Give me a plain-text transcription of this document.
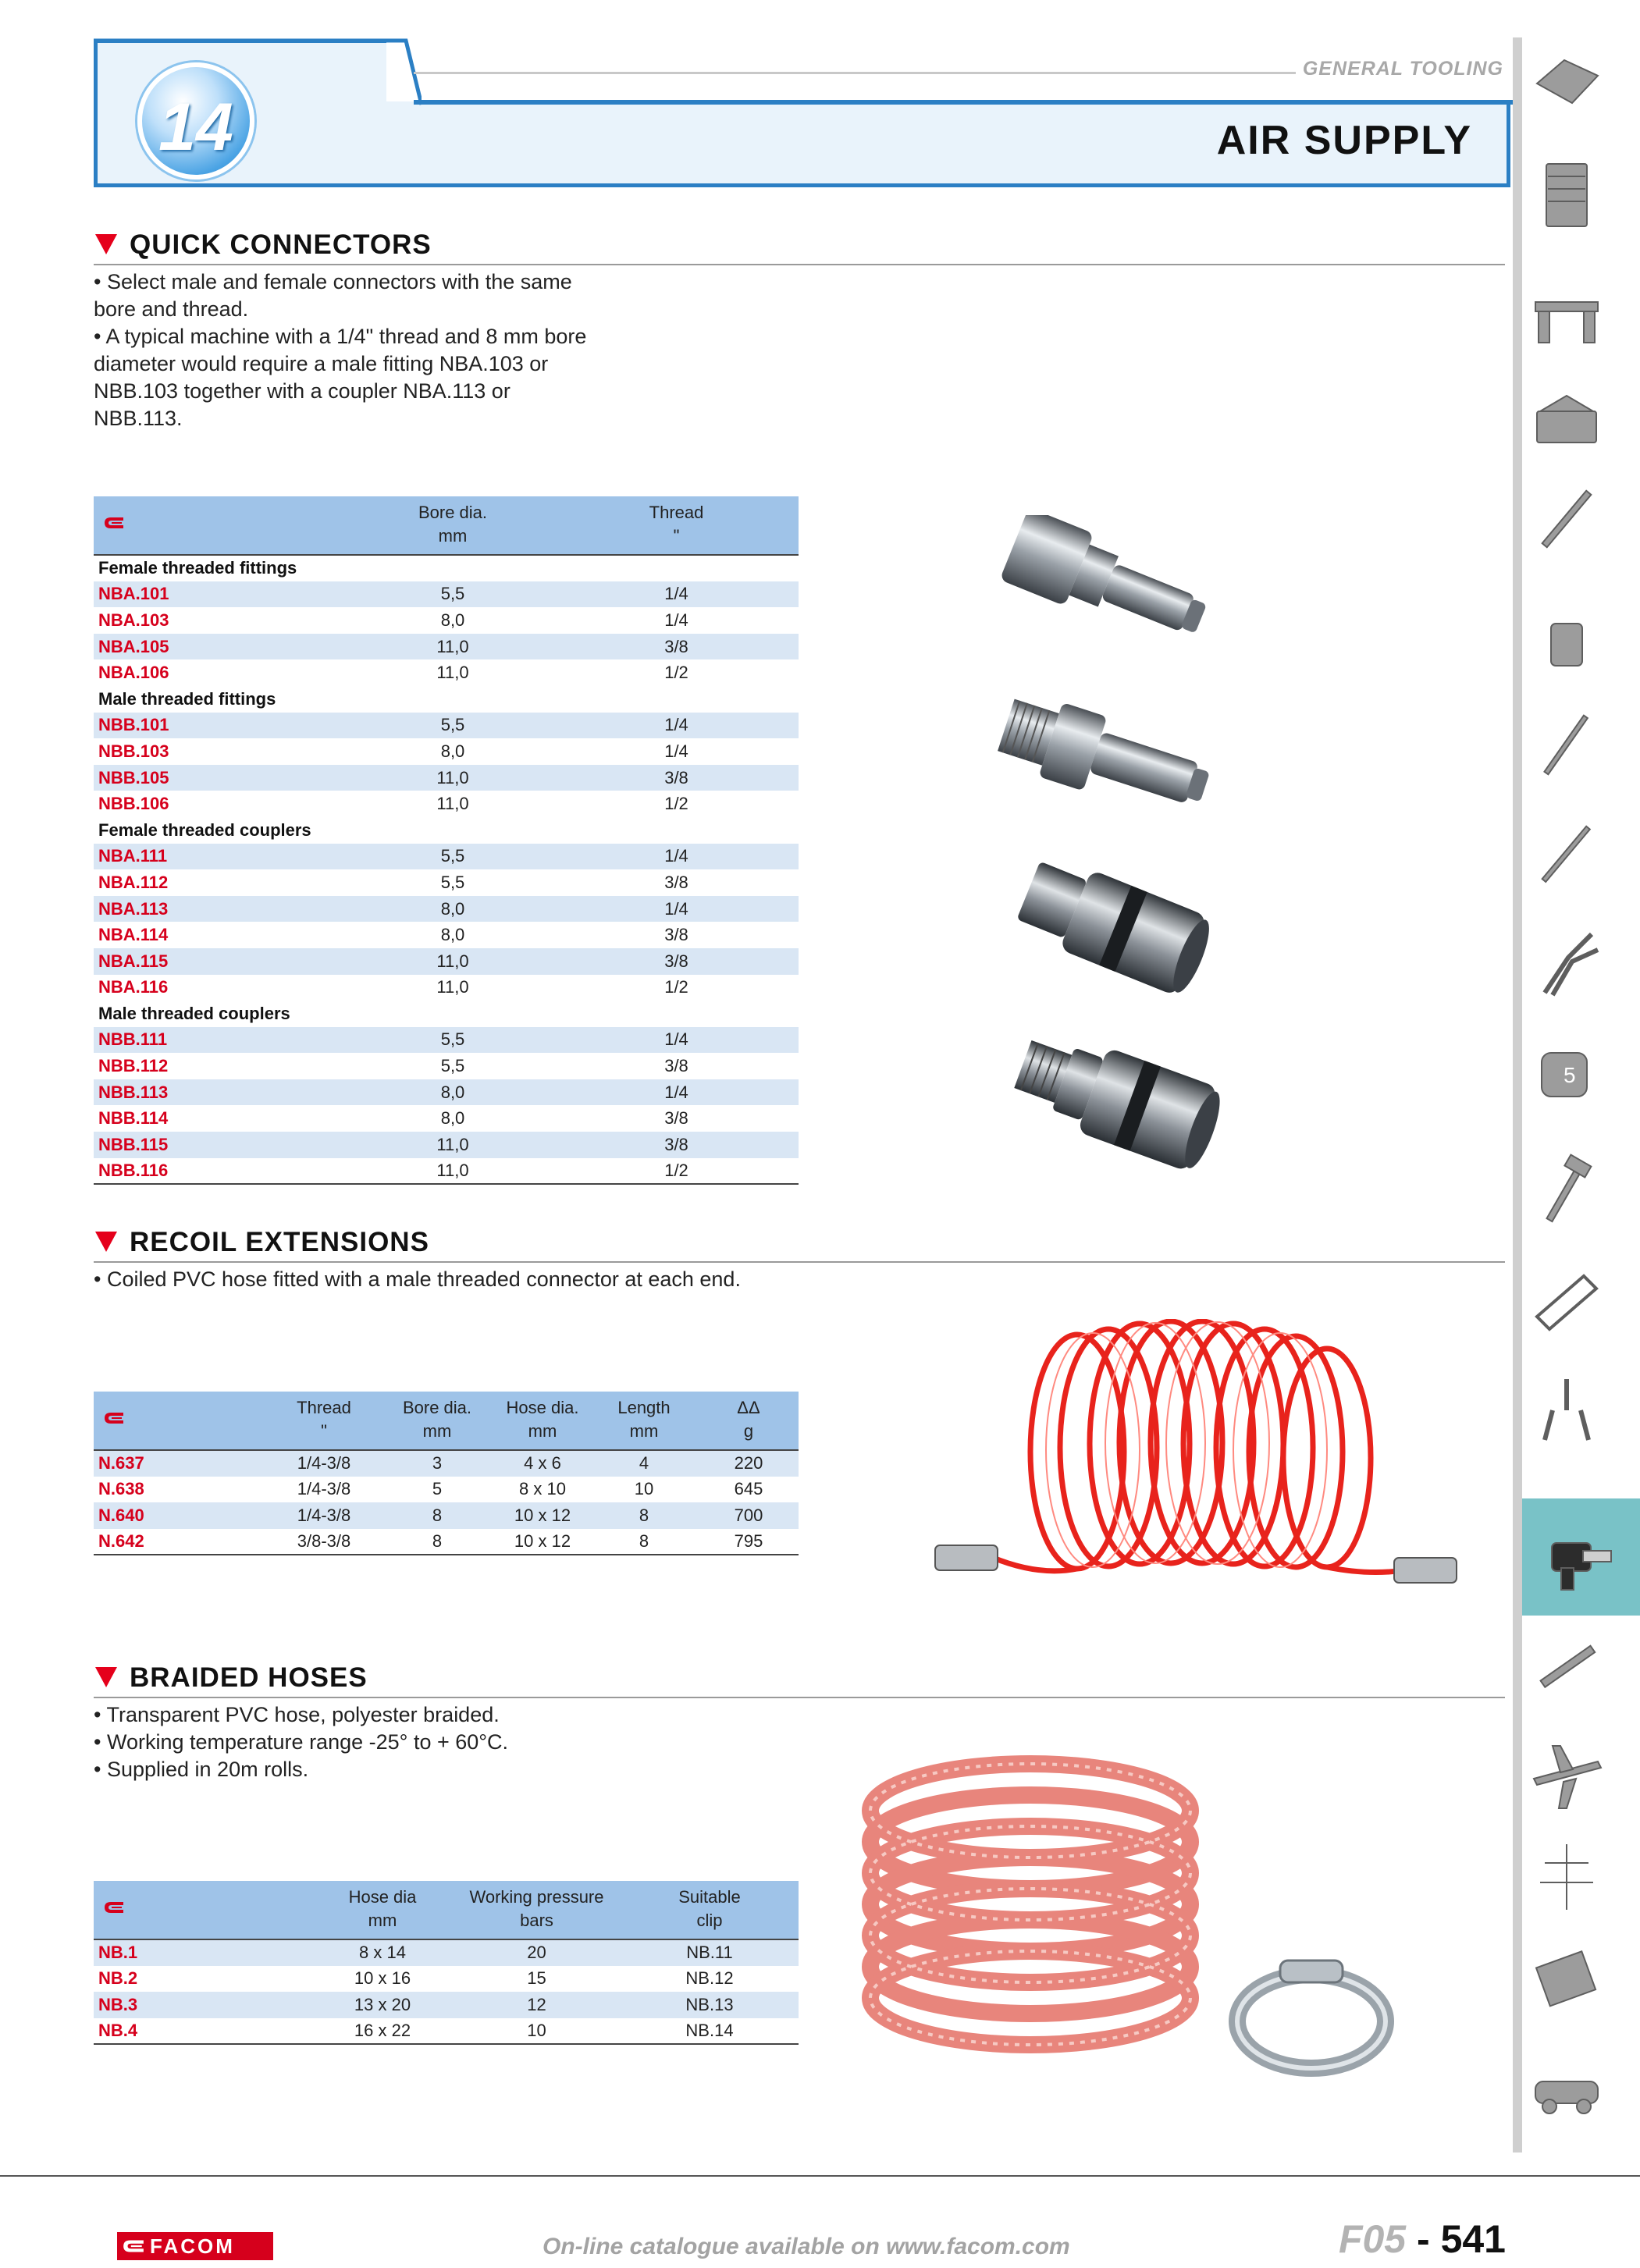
14
GENERAL TOOLING
AIR SUPPLY
5
QUICK CONNECTORS

• Select male and female connectors with the same

bore and thread.

• A typical machine with a 1/4" thread and 8 mm bore

diameter would require a male fitting NBA.103 or

NBB.103 together with a coupler NBA.113 or

NBB.113.

Bore dia.
mm	Thread
"

Female threaded fittings		
NBA.101	5,5	1/4
NBA.103	8,0	1/4
NBA.105	11,0	3/8
NBA.106	11,0	1/2
Male threaded fittings		
NBB.101	5,5	1/4
NBB.103	8,0	1/4
NBB.105	11,0	3/8
NBB.106	11,0	1/2
Female threaded couplers		
NBA.111	5,5	1/4
NBA.112	5,5	3/8
NBA.113	8,0	1/4
NBA.114	8,0	3/8
NBA.115	11,0	3/8
NBA.116	11,0	1/2
Male threaded couplers		
NBB.111	5,5	1/4
NBB.112	5,5	3/8
NBB.113	8,0	1/4
NBB.114	8,0	3/8
NBB.115	11,0	3/8
NBB.116	11,0	1/2
RECOIL EXTENSIONS

• Coiled PVC hose fitted with a male threaded connector at each end.

Thread
"	Bore dia.
mm	Hose dia.
mm	Length
mm	ΔΔ
g

N.637	1/4-3/8	3	4 x 6	4	220
N.638	1/4-3/8	5	8 x 10	10	645
N.640	1/4-3/8	8	10 x 12	8	700
N.642	3/8-3/8	8	10 x 12	8	795
BRAIDED HOSES

• Transparent PVC hose, polyester braided.

• Working temperature range -25° to + 60°C.

• Supplied in 20m rolls.

Hose dia
mm	Working pressure
bars	Suitable
clip

NB.1	8 x 14	20	NB.11
NB.2	10 x 16	15	NB.12
NB.3	13 x 20	12	NB.13
NB.4	16 x 22	10	NB.14
FACOM	On-line catalogue available on www.facom.com	F05 - 541
